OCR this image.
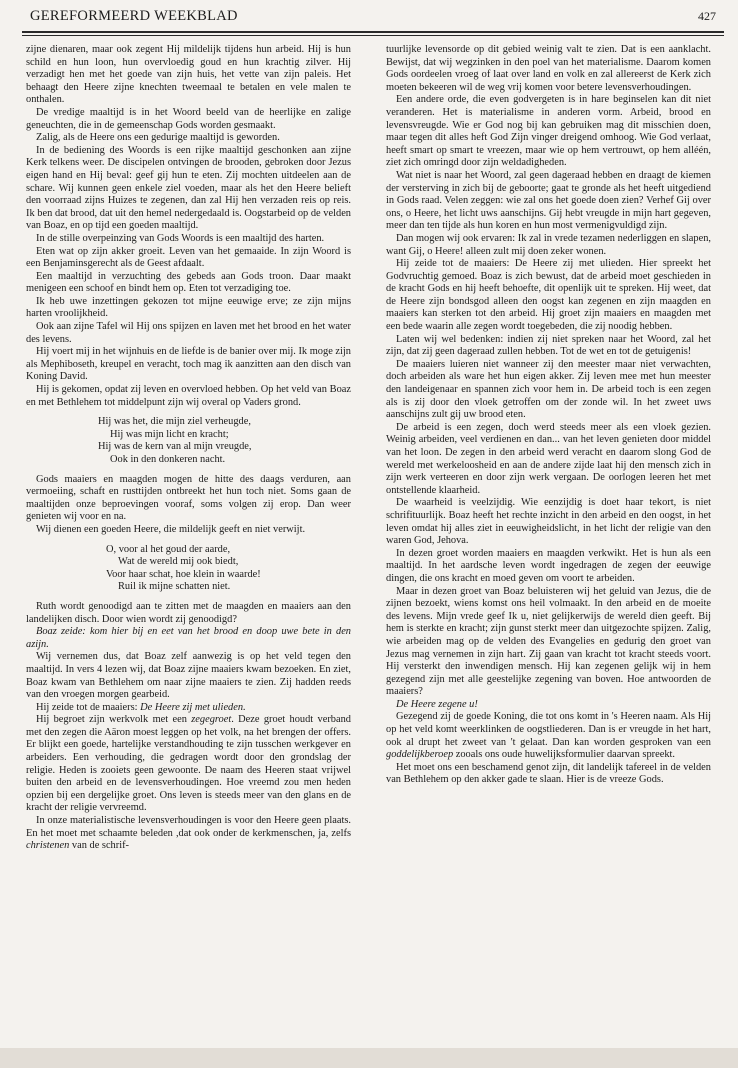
GEREFORMEERD WEEKBLAD	427

zijne dienaren, maar ook zegent Hij mildelijk tijdens hun arbeid. Hij is hun schild en hun loon, hun overvloedig goud en hun krachtig zilver. Hij verzadigt hen met het goede van zijn huis, het vette van zijn paleis. Het behaagt den Heere zijne knechten tweemaal te betalen en vele malen te onthalen.

De vredige maaltijd is in het Woord beeld van de heerlijke en zalige geneuchten, die in de gemeenschap Gods worden gesmaakt.

Zalig, als de Heere ons een gedurige maaltijd is geworden.

In de bediening des Woords is een rijke maaltijd geschonken aan zijne Kerk telkens weer. De discipelen ontvingen de brooden, gebroken door Jezus eigen hand en Hij beval: geef gij hun te eten. Zij mochten uitdeelen aan de schare. Wij kunnen geen enkele ziel voeden, maar als het den Heere belieft den voorraad zijns Huizes te zegenen, dan zal Hij hen verzaden reis op reis. Ik ben dat brood, dat uit den hemel nedergedaald is. Oogstarbeid op de velden van Boaz, en op tijd een goeden maaltijd.

In de stille overpeinzing van Gods Woords is een maaltijd des harten.

Eten wat op zijn akker groeit. Leven van het gemaaide. In zijn Woord is een Benjaminsgerecht als de Geest afdaalt.

Een maaltijd in verzuchting des gebeds aan Gods troon. Daar maakt menigeen een schoof en bindt hem op. Eten tot verzadiging toe.

Ik heb uwe inzettingen gekozen tot mijne eeuwige erve; ze zijn mijns harten vroolijkheid.

Ook aan zijne Tafel wil Hij ons spijzen en laven met het brood en het water des levens.

Hij voert mij in het wijnhuis en de liefde is de banier over mij. Ik moge zijn als Mephiboseth, kreupel en veracht, toch mag ik aanzitten aan den disch van Koning David.

Hij is gekomen, opdat zij leven en overvloed hebben. Op het veld van Boaz en met Bethlehem tot middelpunt zijn wij overal op Vaders grond.

Hij was het, die mijn ziel verheugde,
Hij was mijn licht en kracht;
Hij was de kern van al mijn vreugde,
Ook in den donkeren nacht.

Gods maaiers en maagden mogen de hitte des daags verduren, aan vermoeiing, schaft en rusttijden ontbreekt het hun toch niet. Soms gaan de maaltijden onze beproevingen vooraf, soms volgen zij erop. Dan weer genieten wij voor en na.

Wij dienen een goeden Heere, die mildelijk geeft en niet verwijt.

O, voor al het goud der aarde,
Wat de wereld mij ook biedt,
Voor haar schat, hoe klein in waarde!
Ruil ik mijne schatten niet.

Ruth wordt genoodigd aan te zitten met de maagden en maaiers aan den landelijken disch. Door wien wordt zij genoodigd?

Boaz zeide: kom hier bij en eet van het brood en doop uwe bete in den azijn.

Wij vernemen dus, dat Boaz zelf aanwezig is op het veld tegen den maaltijd. In vers 4 lezen wij, dat Boaz zijne maaiers kwam bezoeken. En ziet, Boaz kwam van Bethlehem om naar zijne maaiers te zien. Zij hadden reeds van den vroegen morgen gearbeid.

Hij zeide tot de maaiers: De Heere zij met ulieden.

Hij begroet zijn werkvolk met een zegegroet. Deze groet houdt verband met den zegen die Aäron moest leggen op het volk, na het brengen der offers. Er blijkt een goede, hartelijke verstandhouding te zijn tusschen werkgever en arbeiders. Een verhouding, die gedragen wordt door den grondslag der religie. Heden is zooiets geen gewoonte. De naam des Heeren staat vrijwel buiten den arbeid en de levensverhoudingen. Hoe vreemd zou men heden opzien bij een dergelijke groet. Ons leven is steeds meer van den glans en de kracht der religie vervreemd.

In onze materialistische levensverhoudingen is voor den Heere geen plaats. En het moet met schaamte beleden ,dat ook onder de kerkmenschen, ja, zelfs christenen van de schrif-

tuurlijke levensorde op dit gebied weinig valt te zien. Dat is een aanklacht. Bewijst, dat wij wegzinken in den poel van het materialisme. Daarom komen Gods oordeelen vroeg of laat over land en volk en zal allereerst de Kerk zich moeten bekeeren wil de weg vrij komen voor betere levensverhoudingen.

Een andere orde, die even godvergeten is in hare beginselen kan dit niet veranderen. Het is materialisme in anderen vorm. Arbeid, brood en levensvreugde. Wie er God nog bij kan gebruiken mag dit misschien doen, maar tegen dit alles heft God Zijn vinger dreigend omhoog. Wie God verlaat, heeft smart op smart te vreezen, maar wie op hem vertrouwt, op hem alléén, ziet zich omringd door zijn weldadigheden.

Wat niet is naar het Woord, zal geen dageraad hebben en draagt de kiemen der versterving in zich bij de geboorte; gaat te gronde als het heeft uitgediend in Gods raad. Velen zeggen: wie zal ons het goede doen zien? Verhef Gij over ons, o Heere, het licht uws aanschijns. Gij hebt vreugde in mijn hart gegeven, meer dan ten tijde als hun koren en hun most vermenigvuldigd zijn.

Dan mogen wij ook ervaren: Ik zal in vrede tezamen nederliggen en slapen, want Gij, o Heere! alleen zult mij doen zeker wonen.

Hij zeide tot de maaiers: De Heere zij met ulieden. Hier spreekt het Godvruchtig gemoed. Boaz is zich bewust, dat de arbeid moet geschieden in de kracht Gods en hij heeft behoefte, dit openlijk uit te spreken. Hij weet, dat de Heere zijn bondsgod alleen den oogst kan zegenen en zijn maagden en maaiers kan sterken tot den arbeid. Hij groet zijn maaiers en maagden met een bede waarin alle zegen wordt toegebeden, die zij noodig hebben.

Laten wij wel bedenken: indien zij niet spreken naar het Woord, zal het zijn, dat zij geen dageraad zullen hebben. Tot de wet en tot de getuigenis!

De maaiers luieren niet wanneer zij den meester maar niet verwachten, doch arbeiden als ware het hun eigen akker. Zij leven mee met hun meester den landeigenaar en spannen zich voor hem in. De arbeid toch is een zegen als is zij door den vloek getroffen om der zonde wil. In het zweet uws aanschijns zult gij uw brood eten.

De arbeid is een zegen, doch werd steeds meer als een vloek gezien. Weinig arbeiden, veel verdienen en dan... van het leven genieten door middel van het loon. De zegen in den arbeid werd veracht en daarom slong God de wereld met werkeloosheid en aan de andere zijde laat hij den mensch zich in zijn werk verteeren en door zijn werk vergaan. De oorlogen leeren het met ontstellende klaarheid.

De waarheid is veelzijdig. Wie eenzijdig is doet haar tekort, is niet schrifituurlijk. Boaz heeft het rechte inzicht in den arbeid en den oogst, in het leven omdat hij alles ziet in eeuwigheidslicht, in het licht der religie van den waren God, Jehova.

In dezen groet worden maaiers en maagden verkwikt. Het is hun als een maaltijd. In het aardsche leven wordt ingedragen de zegen der eeuwige dingen, die ons kracht en moed geven om voort te arbeiden.

Maar in dezen groet van Boaz beluisteren wij het geluid van Jezus, die de zijnen bezoekt, wiens komst ons heil volmaakt. In den arbeid en de moeite des levens. Mijn vrede geef Ik u, niet gelijkerwijs de wereld dien geeft. Bij hem is sterkte en kracht; zijn gunst sterkt meer dan uitgezochte spijzen. Zalig, wie arbeiden mag op de velden des Evangelies en gedurig den groet van Jezus mag vernemen in zijn hart. Zij gaan van kracht tot kracht steeds voort. Hij versterkt den inwendigen mensch. Hij kan zegenen gelijk wij in hem gezegend zijn met alle geestelijke zegening van boven. Hoe antwoorden de maaiers?

De Heere zegene u!

Gezegend zij de goede Koning, die tot ons komt in 's Heeren naam. Als Hij op het veld komt weerklinken de oogstliederen. Dan is er vreugde in het hart, ook al drupt het zweet van 't gelaat. Dan kan worden gesproken van een goddelijkberoep zooals ons oude huwelijksformulier daarvan spreekt.

Het moet ons een beschamend genot zijn, dit landelijk tafereel in de velden van Bethlehem op den akker gade te slaan. Hier is de vreeze Gods.
